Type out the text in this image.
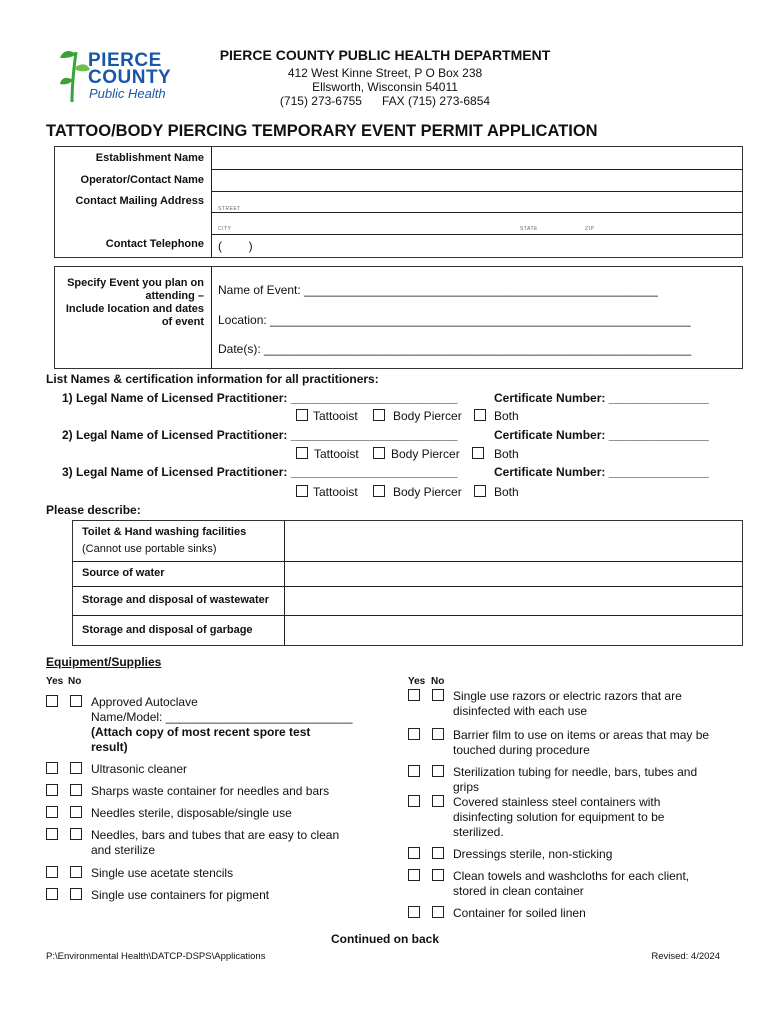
PIERCE
COUNTY
Public Health
PIERCE COUNTY PUBLIC HEALTH DEPARTMENT
412 West Kinne Street, P O Box 238
Ellsworth, Wisconsin 54011
(715) 273-6755      FAX (715) 273-6854
TATTOO/BODY PIERCING TEMPORARY EVENT PERMIT APPLICATION
Establishment Name
Operator/Contact Name
Contact Mailing Address
STREET
CITY	STATE	ZIP
Contact Telephone (        )
Specify Event you plan on
attending –
Include location and dates
of event
Name of Event: _____________________________________________________
Location: _______________________________________________________________
Date(s): ________________________________________________________________
List Names & certification information for all practitioners:
1) Legal Name of Licensed Practitioner: _________________________	Certificate Number: _______________
Tattooist	Body Piercer	Both
2) Legal Name of Licensed Practitioner: _________________________	Certificate Number: _______________
Tattooist	Body Piercer	Both
3) Legal Name of Licensed Practitioner: _________________________	Certificate Number: _______________
Tattooist	Body Piercer	Both
Please describe:
Toilet & Hand washing facilities
(Cannot use portable sinks)
Source of water
Storage and disposal of wastewater
Storage and disposal of garbage
Equipment/Supplies
Yes No	Yes No
Approved Autoclave
Name/Model: ____________________________
(Attach copy of most recent spore test
result)
Ultrasonic cleaner
Sharps waste container for needles and bars
Needles sterile, disposable/single use
Needles, bars and tubes that are easy to clean
and sterilize
Single use acetate stencils
Single use containers for pigment
Single use razors or electric razors that are
disinfected with each use
Barrier film to use on items or areas that may be
touched during procedure
Sterilization tubing for needle, bars, tubes and
grips
Covered stainless steel containers with
disinfecting solution for equipment to be
sterilized.
Dressings sterile, non-sticking
Clean towels and washcloths for each client,
stored in clean container
Container for soiled linen
Continued on back
P:\Environmental Health\DATCP-DSPS\Applications	Revised: 4/2024
